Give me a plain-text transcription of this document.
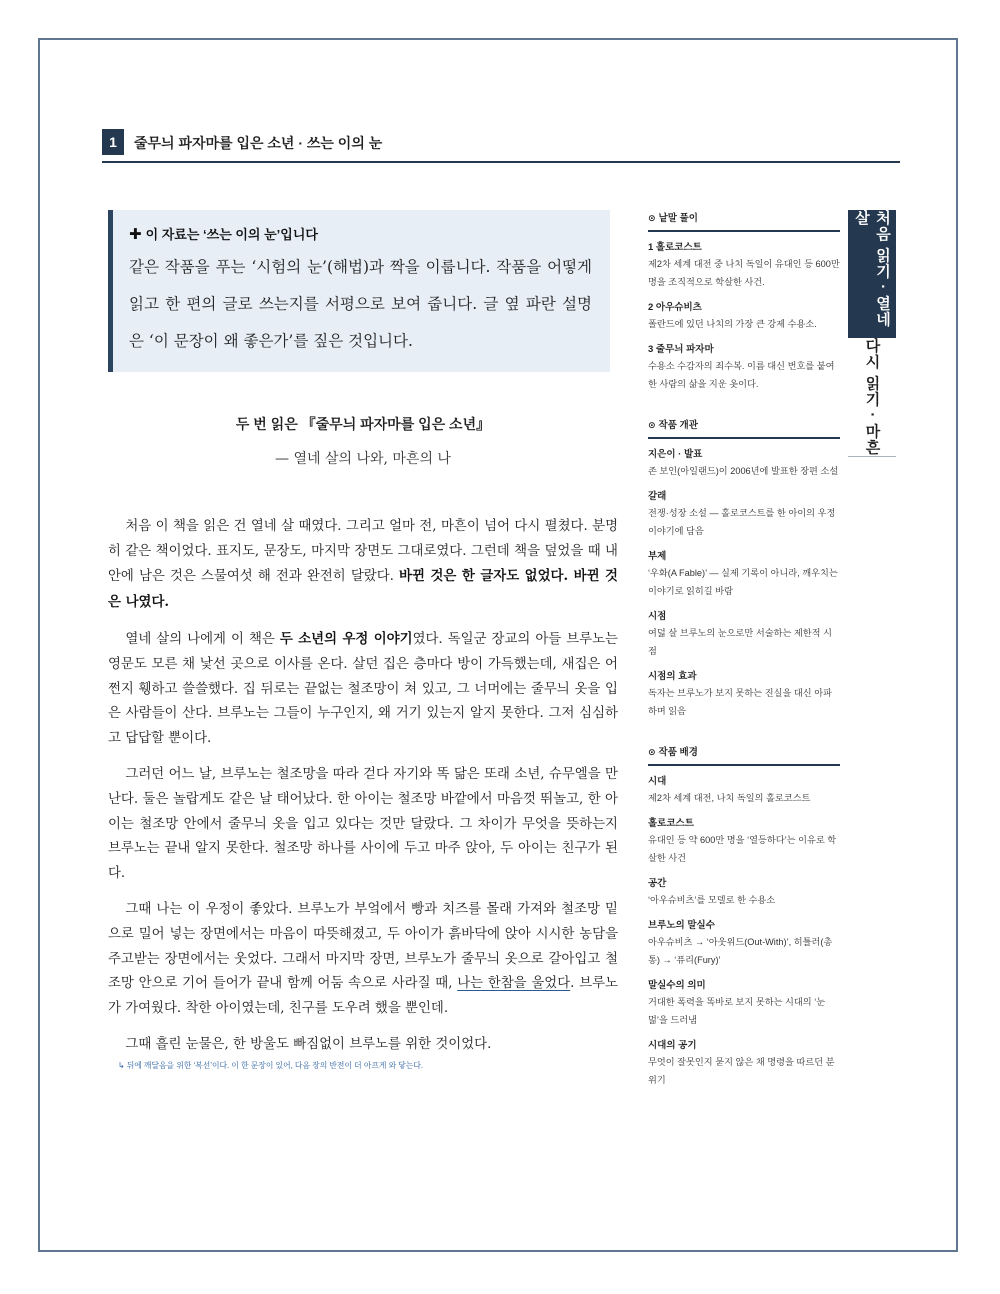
1	줄무늬 파자마를 입은 소년 · 쓰는 이의 눈
✚ 이 자료는 ‘쓰는 이의 눈’입니다
같은 작품을 푸는 ‘시험의 눈’(해법)과 짝을 이룹니다. 작품을 어떻게 읽고 한 편의 글로 쓰는지를 서평으로 보여 줍니다. 글 옆 파란 설명은 ‘이 문장이 왜 좋은가’를 짚은 것입니다.
두 번 읽은 『줄무늬 파자마를 입은 소년』
— 열네 살의 나와, 마흔의 나

처음 이 책을 읽은 건 열네 살 때였다. 그리고 얼마 전, 마흔이 넘어 다시 펼쳤다. 분명히 같은 책이었다. 표지도, 문장도, 마지막 장면도 그대로였다. 그런데 책을 덮었을 때 내 안에 남은 것은 스물여섯 해 전과 완전히 달랐다. 바뀐 것은 한 글자도 없었다. 바뀐 것은 나였다.

열네 살의 나에게 이 책은 두 소년의 우정 이야기였다. 독일군 장교의 아들 브루노는 영문도 모른 채 낯선 곳으로 이사를 온다. 살던 집은 층마다 방이 가득했는데, 새집은 어쩐지 휑하고 쓸쓸했다. 집 뒤로는 끝없는 철조망이 쳐 있고, 그 너머에는 줄무늬 옷을 입은 사람들이 산다. 브루노는 그들이 누구인지, 왜 거기 있는지 알지 못한다. 그저 심심하고 답답할 뿐이다.

그러던 어느 날, 브루노는 철조망을 따라 걷다 자기와 똑 닮은 또래 소년, 슈무엘을 만난다. 둘은 놀랍게도 같은 날 태어났다. 한 아이는 철조망 바깥에서 마음껏 뛰놀고, 한 아이는 철조망 안에서 줄무늬 옷을 입고 있다는 것만 달랐다. 그 차이가 무엇을 뜻하는지 브루노는 끝내 알지 못한다. 철조망 하나를 사이에 두고 마주 앉아, 두 아이는 친구가 된다.

그때 나는 이 우정이 좋았다. 브루노가 부엌에서 빵과 치즈를 몰래 가져와 철조망 밑으로 밀어 넣는 장면에서는 마음이 따뜻해졌고, 두 아이가 흙바닥에 앉아 시시한 농담을 주고받는 장면에서는 웃었다. 그래서 마지막 장면, 브루노가 줄무늬 옷으로 갈아입고 철조망 안으로 기어 들어가 끝내 함께 어둠 속으로 사라질 때, 나는 한참을 울었다. 브루노가 가여웠다. 착한 아이였는데, 친구를 도우려 했을 뿐인데.

그때 흘린 눈물은, 한 방울도 빠짐없이 브루노를 위한 것이었다.

↳ 뒤에 깨달음을 위한 ‘복선’이다. 이 한 문장이 있어, 다음 장의 반전이 더 아프게 와 닿는다.
⊙ 낱말 풀이
1 홀로코스트
제2차 세계 대전 중 나치 독일이 유대인 등 600만 명을 조직적으로 학살한 사건.
2 아우슈비츠
폴란드에 있던 나치의 가장 큰 강제 수용소.
3 줄무늬 파자마
수용소 수감자의 죄수복. 이름 대신 번호를 붙여 한 사람의 삶을 지운 옷이다.
⊙ 작품 개관
지은이 · 발표
존 보인(아일랜드)이 2006년에 발표한 장편 소설
갈래
전쟁·성장 소설 — 홀로코스트를 한 아이의 우정 이야기에 담음
부제
‘우화(A Fable)’ — 실제 기록이 아니라, 깨우치는 이야기로 읽히길 바람
시점
여덟 살 브루노의 눈으로만 서술하는 제한적 시점
시점의 효과
독자는 브루노가 보지 못하는 진실을 대신 아파하며 읽음
⊙ 작품 배경
시대
제2차 세계 대전, 나치 독일의 홀로코스트
홀로코스트
유대인 등 약 600만 명을 ‘열등하다’는 이유로 학살한 사건
공간
‘아우슈비츠’를 모델로 한 수용소
브루노의 말실수
아우슈비츠 → ‘아웃위드(Out-With)’, 히틀러(총통) → ‘퓨리(Fury)’
말실수의 의미
거대한 폭력을 똑바로 보지 못하는 시대의 ‘눈멂’을 드러냄
시대의 공기
무엇이 잘못인지 묻지 않은 채 명령을 따르던 분위기
처음 읽기 · 열네 살
다시 읽기 · 마흔
